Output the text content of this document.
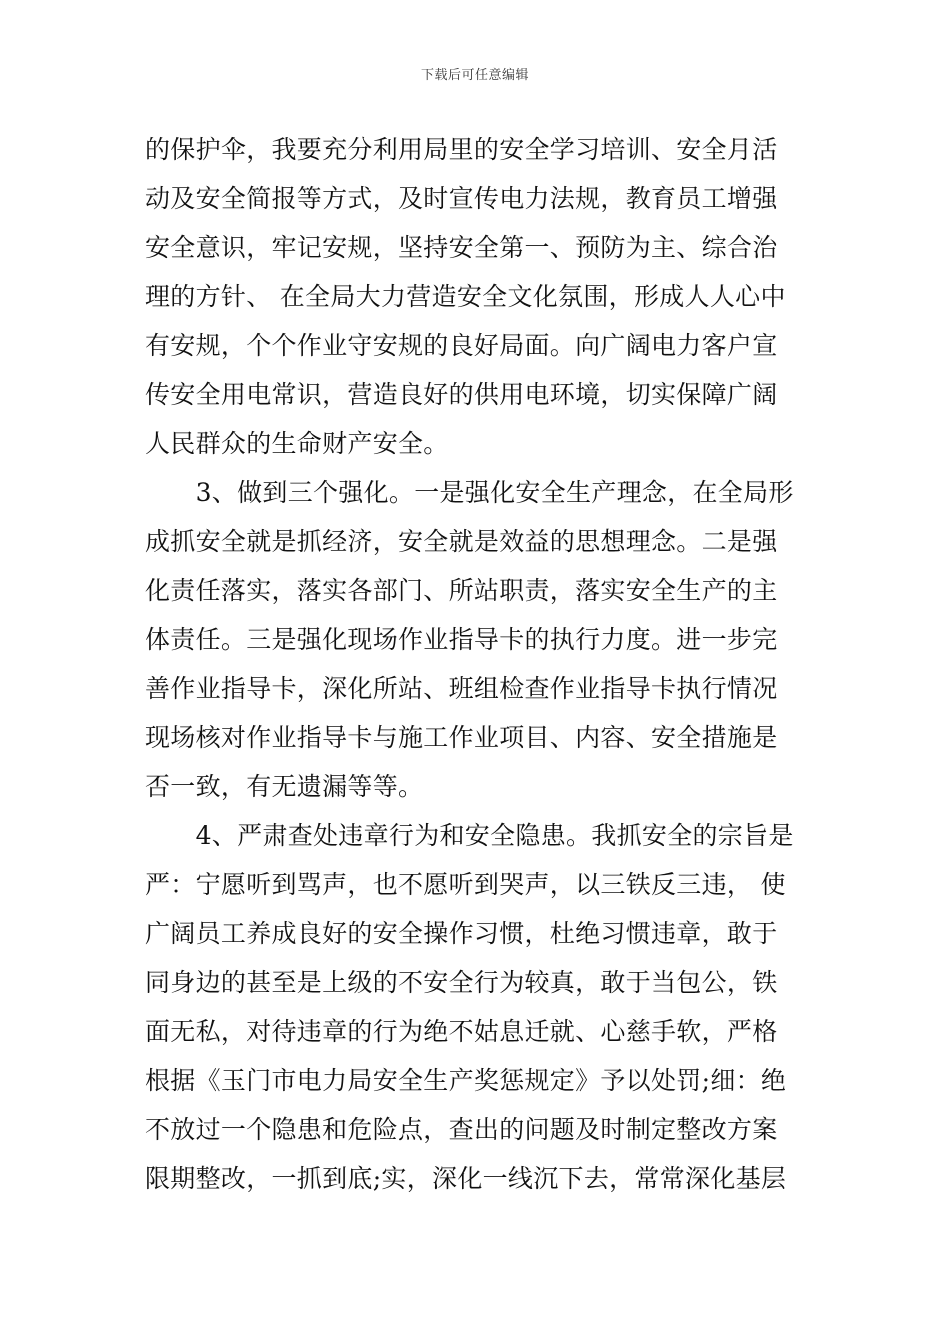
下载后可任意编辑
的保护伞，我要充分利用局里的安全学习培训、安全月活
动及安全简报等方式，及时宣传电力法规，教育员工增强
安全意识，牢记安规，坚持安全第一、预防为主、综合治
理的方针、 在全局大力营造安全文化氛围，形成人人心中
有安规，个个作业守安规的良好局面。向广阔电力客户宣
传安全用电常识，营造良好的供用电环境，切实保障广阔
人民群众的生命财产安全。
　　3、做到三个强化。一是强化安全生产理念，在全局形
成抓安全就是抓经济，安全就是效益的思想理念。二是强
化责任落实，落实各部门、所站职责，落实安全生产的主
体责任。三是强化现场作业指导卡的执行力度。进一步完
善作业指导卡，深化所站、班组检查作业指导卡执行情况
现场核对作业指导卡与施工作业项目、内容、安全措施是
否一致，有无遗漏等等。
　　4、严肃查处违章行为和安全隐患。我抓安全的宗旨是
严：宁愿听到骂声，也不愿听到哭声，以三铁反三违， 使
广阔员工养成良好的安全操作习惯，杜绝习惯违章，敢于
同身边的甚至是上级的不安全行为较真，敢于当包公，铁
面无私，对待违章的行为绝不姑息迁就、心慈手软，严格
根据《玉门市电力局安全生产奖惩规定》予以处罚;细：绝
不放过一个隐患和危险点，查出的问题及时制定整改方案
限期整改，一抓到底;实，深化一线沉下去，常常深化基层
